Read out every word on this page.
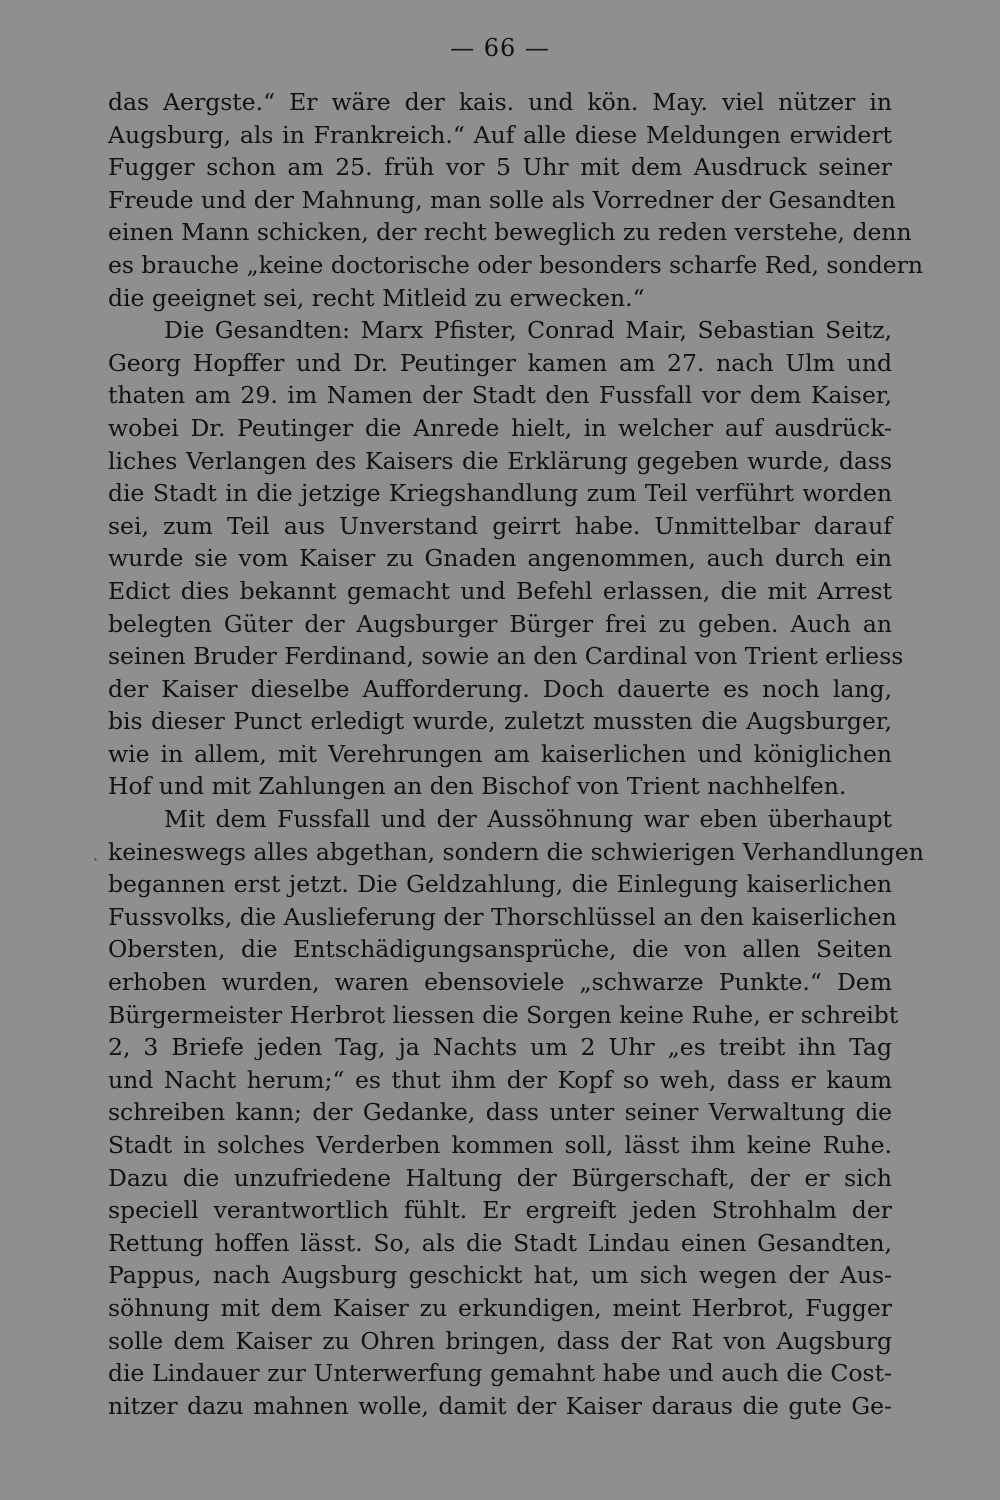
— 66 —
˛
das Aergste.“ Er wäre der kais. und kön. May. viel nützer in
Augsburg, als in Frankreich.“ Auf alle diese Meldungen erwidert
Fugger schon am 25. früh vor 5 Uhr mit dem Ausdruck seiner
Freude und der Mahnung, man solle als Vorredner der Gesandten
einen Mann schicken, der recht beweglich zu reden verstehe, denn
es brauche „keine doctorische oder besonders scharfe Red, sondern
die geeignet sei, recht Mitleid zu erwecken.“
Die Gesandten: Marx Pfister, Conrad Mair, Sebastian Seitz,
Georg Hopffer und Dr. Peutinger kamen am 27. nach Ulm und
thaten am 29. im Namen der Stadt den Fussfall vor dem Kaiser,
wobei Dr. Peutinger die Anrede hielt, in welcher auf ausdrück-
liches Verlangen des Kaisers die Erklärung gegeben wurde, dass
die Stadt in die jetzige Kriegshandlung zum Teil verführt worden
sei, zum Teil aus Unverstand geirrt habe. Unmittelbar darauf
wurde sie vom Kaiser zu Gnaden angenommen, auch durch ein
Edict dies bekannt gemacht und Befehl erlassen, die mit Arrest
belegten Güter der Augsburger Bürger frei zu geben. Auch an
seinen Bruder Ferdinand, sowie an den Cardinal von Trient erliess
der Kaiser dieselbe Aufforderung. Doch dauerte es noch lang,
bis dieser Punct erledigt wurde, zuletzt mussten die Augsburger,
wie in allem, mit Verehrungen am kaiserlichen und königlichen
Hof und mit Zahlungen an den Bischof von Trient nachhelfen.
Mit dem Fussfall und der Aussöhnung war eben überhaupt
keineswegs alles abgethan, sondern die schwierigen Verhandlungen
begannen erst jetzt. Die Geldzahlung, die Einlegung kaiserlichen
Fussvolks, die Auslieferung der Thorschlüssel an den kaiserlichen
Obersten, die Entschädigungsansprüche, die von allen Seiten
erhoben wurden, waren ebensoviele „schwarze Punkte.“ Dem
Bürgermeister Herbrot liessen die Sorgen keine Ruhe, er schreibt
2, 3 Briefe jeden Tag, ja Nachts um 2 Uhr „es treibt ihn Tag
und Nacht herum;“ es thut ihm der Kopf so weh, dass er kaum
schreiben kann; der Gedanke, dass unter seiner Verwaltung die
Stadt in solches Verderben kommen soll, lässt ihm keine Ruhe.
Dazu die unzufriedene Haltung der Bürgerschaft, der er sich
speciell verantwortlich fühlt. Er ergreift jeden Strohhalm der
Rettung hoffen lässt. So, als die Stadt Lindau einen Gesandten,
Pappus, nach Augsburg geschickt hat, um sich wegen der Aus-
söhnung mit dem Kaiser zu erkundigen, meint Herbrot, Fugger
solle dem Kaiser zu Ohren bringen, dass der Rat von Augsburg
die Lindauer zur Unterwerfung gemahnt habe und auch die Cost-
nitzer dazu mahnen wolle, damit der Kaiser daraus die gute Ge-
